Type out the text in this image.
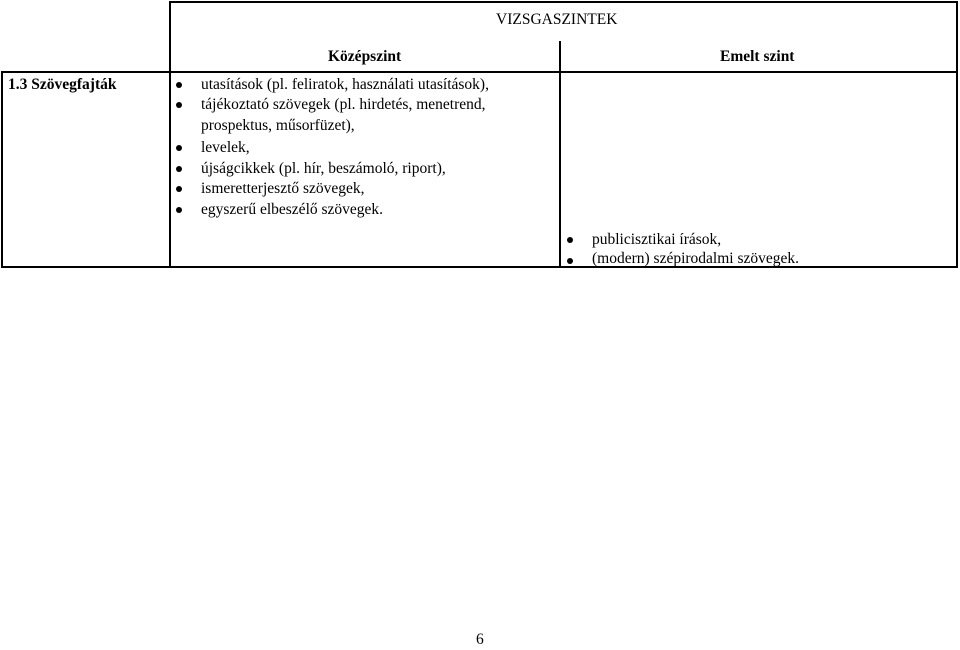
VIZSGASZINTEK
Középszint	Emelt szint
1.3 Szövegfajták	utasítások (pl. feliratok, használati utasítások),
tájékoztató szövegek (pl. hirdetés, menetrend,
prospektus, műsorfüzet),
levelek,
újságcikkek (pl. hír, beszámoló, riport),
ismeretterjesztő szövegek,
egyszerű elbeszélő szövegek.
publicisztikai írások,
(modern) szépirodalmi szövegek.
6
